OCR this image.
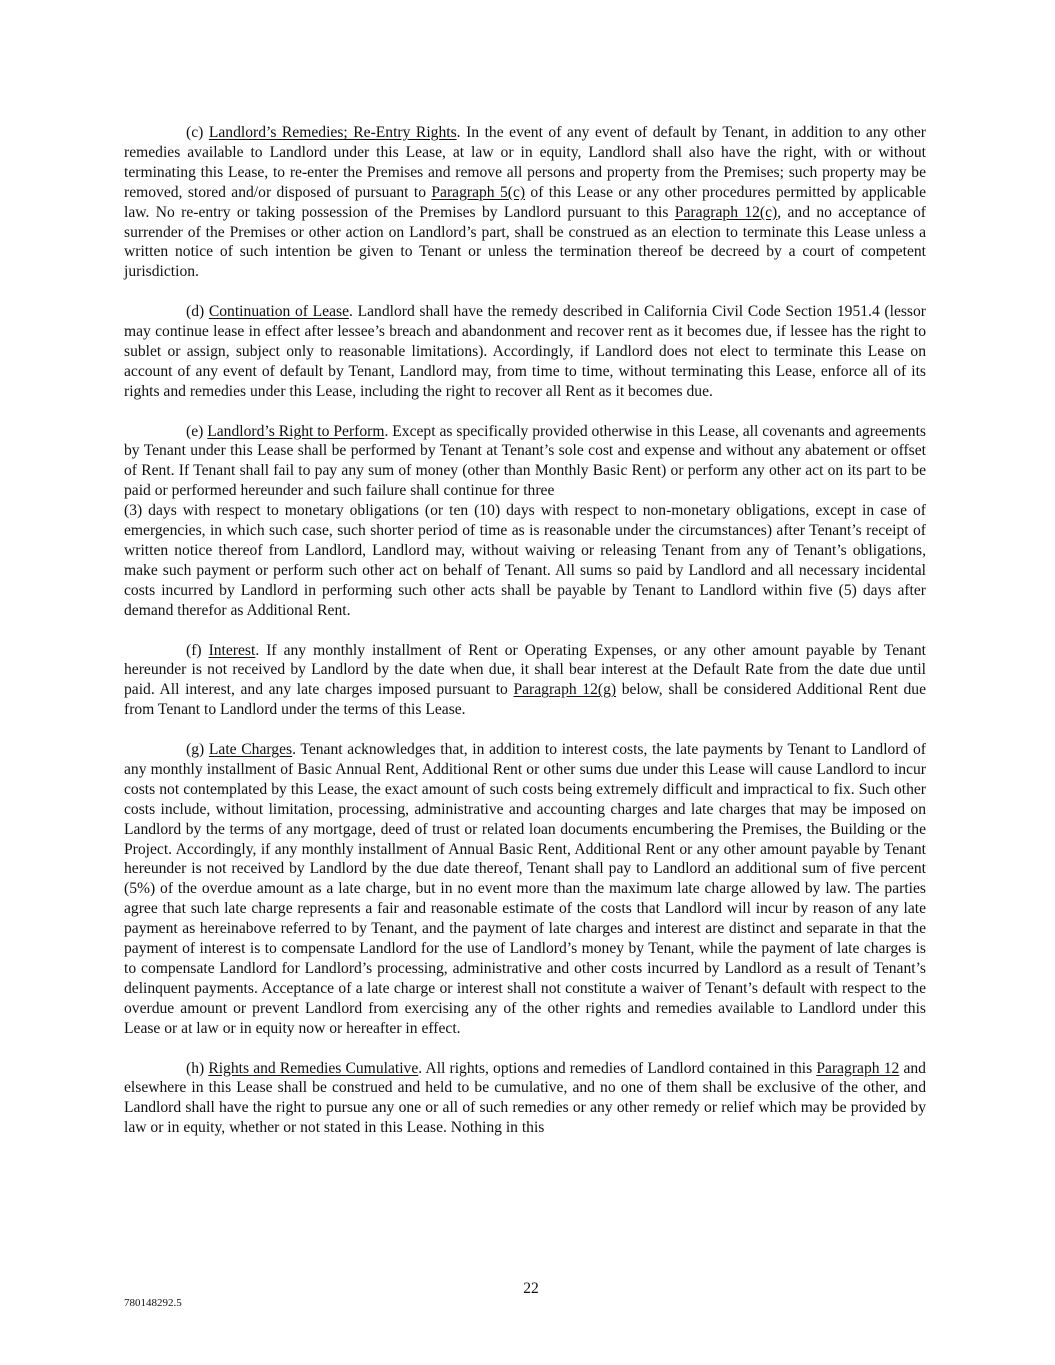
(c) Landlord’s Remedies; Re-Entry Rights. In the event of any event of default by Tenant, in addition to any other remedies available to Landlord under this Lease, at law or in equity, Landlord shall also have the right, with or without terminating this Lease, to re-enter the Premises and remove all persons and property from the Premises; such property may be removed, stored and/or disposed of pursuant to Paragraph 5(c) of this Lease or any other procedures permitted by applicable law. No re-entry or taking possession of the Premises by Landlord pursuant to this Paragraph 12(c), and no acceptance of surrender of the Premises or other action on Landlord’s part, shall be construed as an election to terminate this Lease unless a written notice of such intention be given to Tenant or unless the termination thereof be decreed by a court of competent jurisdiction.

(d) Continuation of Lease. Landlord shall have the remedy described in California Civil Code Section 1951.4 (lessor may continue lease in effect after lessee’s breach and abandonment and recover rent as it becomes due, if lessee has the right to sublet or assign, subject only to reasonable limitations). Accordingly, if Landlord does not elect to terminate this Lease on account of any event of default by Tenant, Landlord may, from time to time, without terminating this Lease, enforce all of its rights and remedies under this Lease, including the right to recover all Rent as it becomes due.

(e) Landlord’s Right to Perform. Except as specifically provided otherwise in this Lease, all covenants and agreements by Tenant under this Lease shall be performed by Tenant at Tenant’s sole cost and expense and without any abatement or offset of Rent. If Tenant shall fail to pay any sum of money (other than Monthly Basic Rent) or perform any other act on its part to be paid or performed hereunder and such failure shall continue for three
(3) days with respect to monetary obligations (or ten (10) days with respect to non-monetary obligations, except in case of emergencies, in which such case, such shorter period of time as is reasonable under the circumstances) after Tenant’s receipt of written notice thereof from Landlord, Landlord may, without waiving or releasing Tenant from any of Tenant’s obligations, make such payment or perform such other act on behalf of Tenant. All sums so paid by Landlord and all necessary incidental costs incurred by Landlord in performing such other acts shall be payable by Tenant to Landlord within five (5) days after demand therefor as Additional Rent.

(f) Interest. If any monthly installment of Rent or Operating Expenses, or any other amount payable by Tenant hereunder is not received by Landlord by the date when due, it shall bear interest at the Default Rate from the date due until paid. All interest, and any late charges imposed pursuant to Paragraph 12(g) below, shall be considered Additional Rent due from Tenant to Landlord under the terms of this Lease.

(g) Late Charges. Tenant acknowledges that, in addition to interest costs, the late payments by Tenant to Landlord of any monthly installment of Basic Annual Rent, Additional Rent or other sums due under this Lease will cause Landlord to incur costs not contemplated by this Lease, the exact amount of such costs being extremely difficult and impractical to fix. Such other costs include, without limitation, processing, administrative and accounting charges and late charges that may be imposed on Landlord by the terms of any mortgage, deed of trust or related loan documents encumbering the Premises, the Building or the Project. Accordingly, if any monthly installment of Annual Basic Rent, Additional Rent or any other amount payable by Tenant hereunder is not received by Landlord by the due date thereof, Tenant shall pay to Landlord an additional sum of five percent (5%) of the overdue amount as a late charge, but in no event more than the maximum late charge allowed by law. The parties agree that such late charge represents a fair and reasonable estimate of the costs that Landlord will incur by reason of any late payment as hereinabove referred to by Tenant, and the payment of late charges and interest are distinct and separate in that the payment of interest is to compensate Landlord for the use of Landlord’s money by Tenant, while the payment of late charges is to compensate Landlord for Landlord’s processing, administrative and other costs incurred by Landlord as a result of Tenant’s delinquent payments. Acceptance of a late charge or interest shall not constitute a waiver of Tenant’s default with respect to the overdue amount or prevent Landlord from exercising any of the other rights and remedies available to Landlord under this Lease or at law or in equity now or hereafter in effect.

(h) Rights and Remedies Cumulative. All rights, options and remedies of Landlord contained in this Paragraph 12 and elsewhere in this Lease shall be construed and held to be cumulative, and no one of them shall be exclusive of the other, and Landlord shall have the right to pursue any one or all of such remedies or any other remedy or relief which may be provided by law or in equity, whether or not stated in this Lease. Nothing in this

22
780148292.5
